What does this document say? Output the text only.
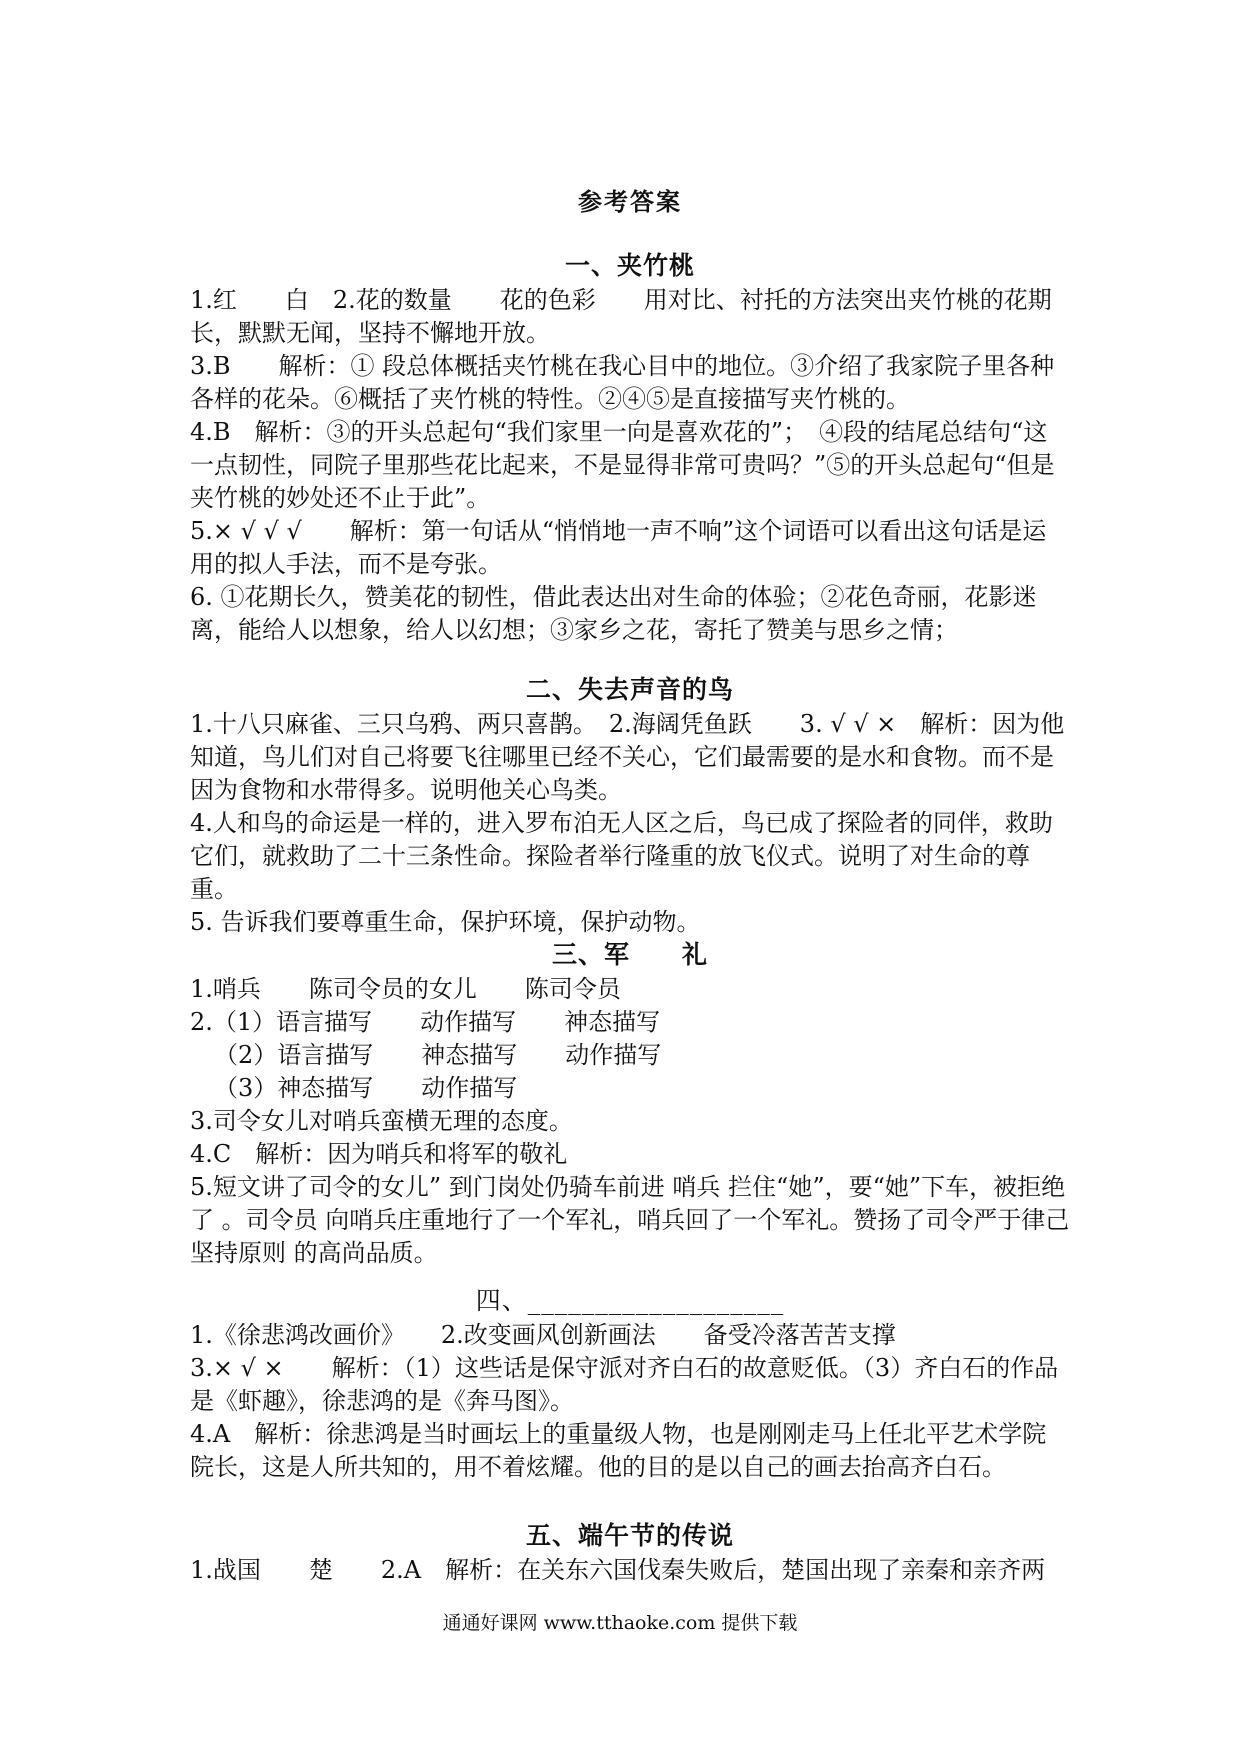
参考答案
一、夹竹桃

1.红　　白　2.花的数量　　花的色彩　　用对比、衬托的方法突出夹竹桃的花期长，默默无闻，坚持不懈地开放。

3.B　　解析：① 段总体概括夹竹桃在我心目中的地位。③介绍了我家院子里各种各样的花朵。⑥概括了夹竹桃的特性。②④⑤是直接描写夹竹桃的。

4.B　解析：③的开头总起句“我们家里一向是喜欢花的”；　④段的结尾总结句“这一点韧性，同院子里那些花比起来，不是显得非常可贵吗？”⑤的开头总起句“但是夹竹桃的妙处还不止于此”。

5.× √ √ √　　解析：第一句话从“悄悄地一声不响”这个词语可以看出这句话是运用的拟人手法，而不是夸张。

6. ①花期长久，赞美花的韧性，借此表达出对生命的体验；②花色奇丽，花影迷离，能给人以想象，给人以幻想；③家乡之花，寄托了赞美与思乡之情；

二、失去声音的鸟

1.十八只麻雀、三只乌鸦、两只喜鹊。　2.海阔凭鱼跃　　3. √ √ ×　解析：因为他知道，鸟儿们对自己将要飞往哪里已经不关心，它们最需要的是水和食物。而不是因为食物和水带得多。说明他关心鸟类。

4.人和鸟的命运是一样的，进入罗布泊无人区之后，鸟已成了探险者的同伴，救助它们，就救助了二十三条性命。探险者举行隆重的放飞仪式。说明了对生命的尊重。

5. 告诉我们要尊重生命，保护环境，保护动物。

三、军　　礼

1.哨兵　　陈司令员的女儿　　陈司令员

2.（1）语言描写　　动作描写　　神态描写

（2）语言描写　　神态描写　　动作描写

（3）神态描写　　动作描写

3.司令女儿对哨兵蛮横无理的态度。

4.C　解析：因为哨兵和将军的敬礼

5.短文讲了司令的女儿” 到门岗处仍骑车前进 哨兵 拦住“她”，要“她”下车，被拒绝了 。司令员 向哨兵庄重地行了一个军礼，哨兵回了一个军礼。赞扬了司令严于律己 坚持原则 的高尚品质。

四、___________________

1.《徐悲鸿改画价》　　2.改变画风创新画法　　备受冷落苦苦支撑

3.× √ ×　　解析：（1）这些话是保守派对齐白石的故意贬低。（3）齐白石的作品是《虾趣》，徐悲鸿的是《奔马图》。

4.A　解析：徐悲鸿是当时画坛上的重量级人物，也是刚刚走马上任北平艺术学院院长，这是人所共知的，用不着炫耀。他的目的是以自己的画去抬高齐白石。

五、端午节的传说

1.战国　　楚　　2.A　解析：在关东六国伐秦失败后，楚国出现了亲秦和亲齐两

通通好课网 www.tthaoke.com 提供下载
